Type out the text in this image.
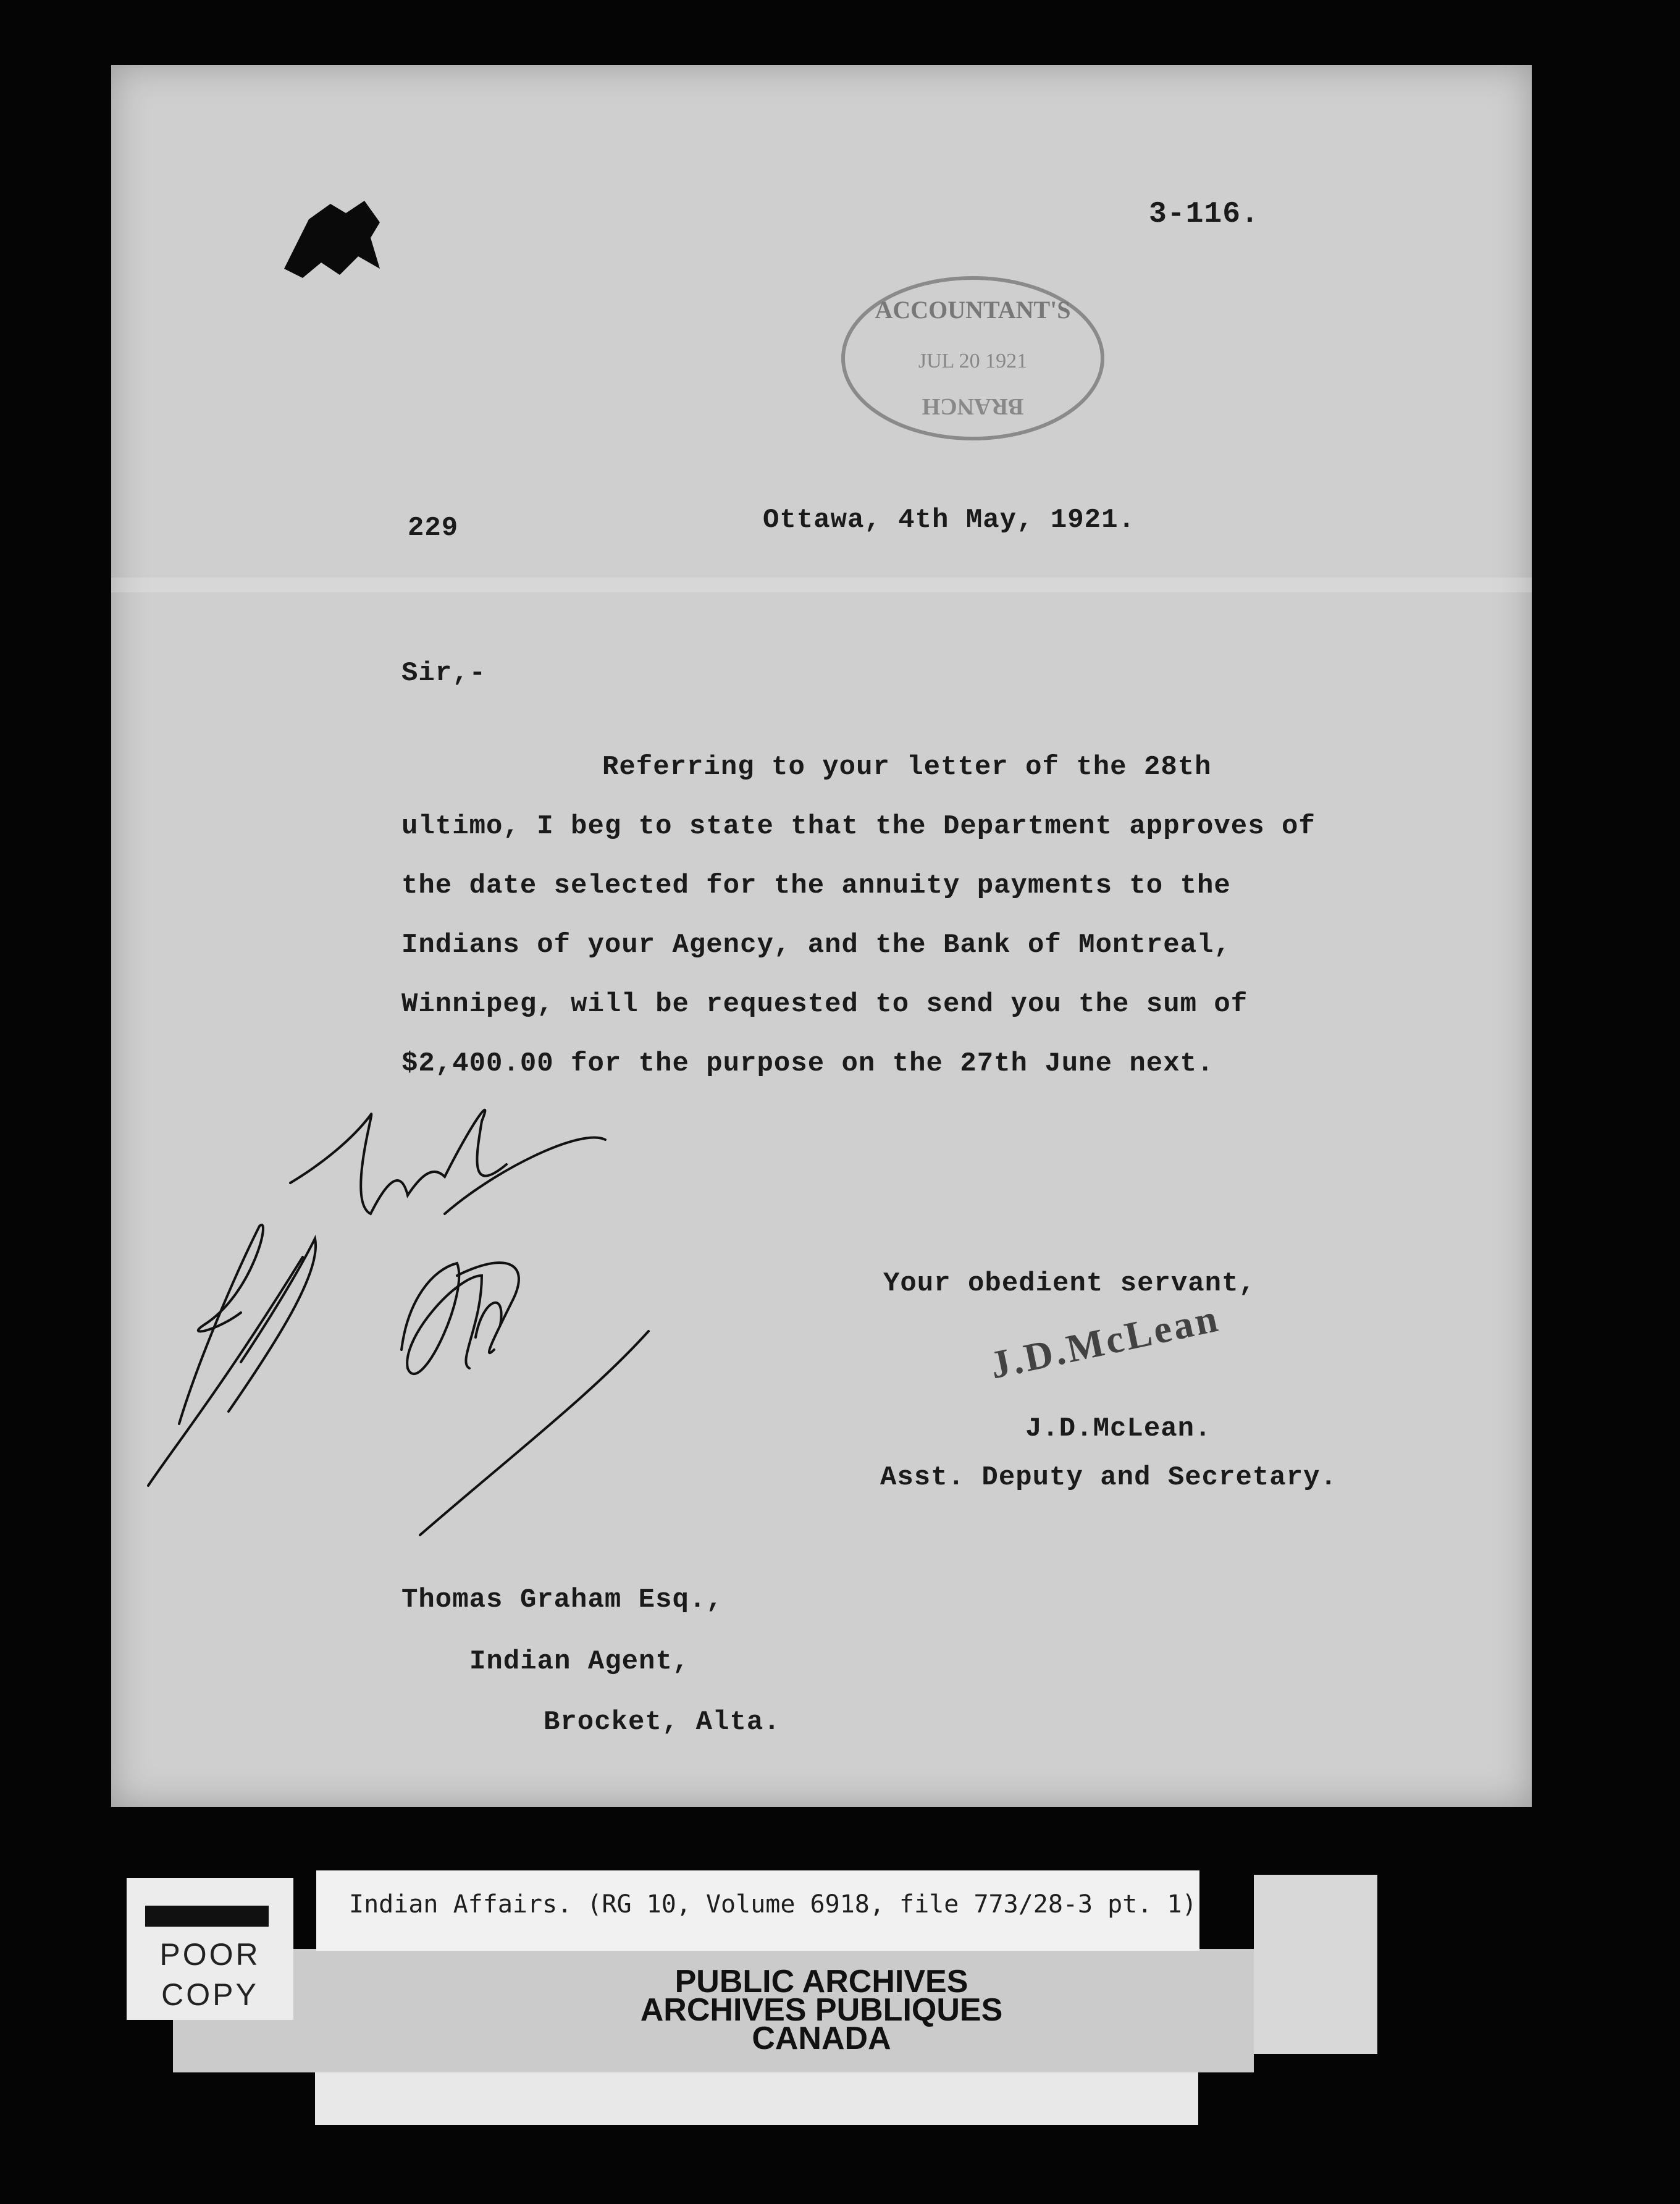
3-116.
ACCOUNTANT'S
JUL 20 1921
BRANCH
229	Ottawa, 4th May, 1921.
Sir,-
Referring to your letter of the 28th
ultimo, I beg to state that the Department approves of
the date selected for the annuity payments to the
Indians of your Agency, and the Bank of Montreal,
Winnipeg, will be requested to send you the sum of
$2,400.00 for the purpose on the 27th June next.
Your obedient servant,
J.D.McLean
J.D.McLean.
Asst. Deputy and Secretary.
Thomas Graham Esq.,
Indian Agent,
Brocket, Alta.
Indian Affairs. (RG 10, Volume 6918, file 773/28-3 pt. 1)
POOR
COPY	PUBLIC ARCHIVES
ARCHIVES PUBLIQUES
CANADA
